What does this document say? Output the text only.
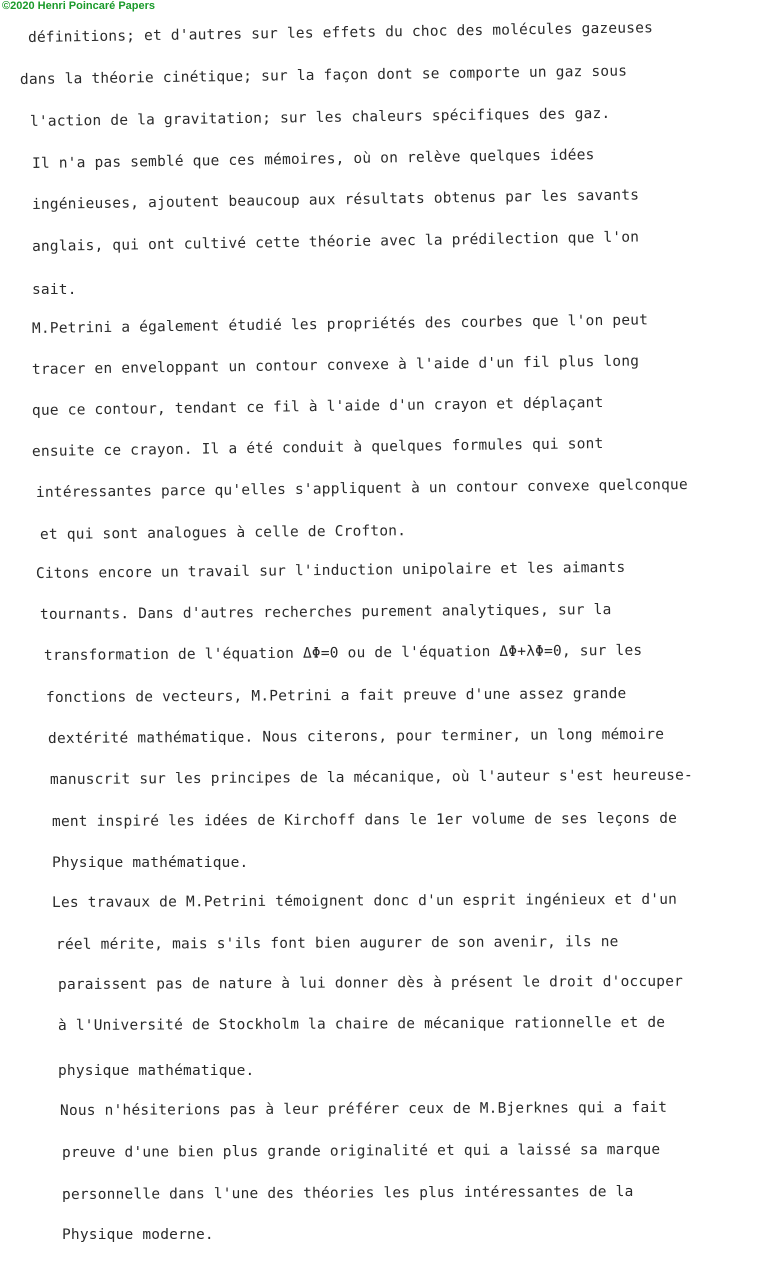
©2020 Henri Poincaré Papers
définitions; et d'autres sur les effets du choc des molécules gazeuses
dans la théorie cinétique; sur la façon dont se comporte un gaz sous
l'action de la gravitation; sur les chaleurs spécifiques des gaz.
Il n'a pas semblé que ces mémoires, où on relève quelques idées
ingénieuses, ajoutent beaucoup aux résultats obtenus par les savants
anglais, qui ont cultivé cette théorie avec la prédilection que l'on
sait.
M.Petrini a également étudié les propriétés des courbes que l'on peut
tracer en enveloppant un contour convexe à l'aide d'un fil plus long
que ce contour, tendant ce fil à l'aide d'un crayon et déplaçant
ensuite ce crayon. Il a été conduit à quelques formules qui sont
intéressantes parce qu'elles s'appliquent à un contour convexe quelconque
et qui sont analogues à celle de Crofton.
Citons encore un travail sur l'induction unipolaire et les aimants
tournants. Dans d'autres recherches purement analytiques, sur la
transformation de l'équation ΔΦ=0 ou de l'équation ΔΦ+λΦ=0, sur les
fonctions de vecteurs, M.Petrini a fait preuve d'une assez grande
dextérité mathématique. Nous citerons, pour terminer, un long mémoire
manuscrit sur les principes de la mécanique, où l'auteur s'est heureuse-
ment inspiré les idées de Kirchoff dans le 1er volume de ses leçons de
Physique mathématique.
Les travaux de M.Petrini témoignent donc d'un esprit ingénieux et d'un
réel mérite, mais s'ils font bien augurer de son avenir, ils ne
paraissent pas de nature à lui donner dès à présent le droit d'occuper
à l'Université de Stockholm la chaire de mécanique rationnelle et de
physique mathématique.
Nous n'hésiterions pas à leur préférer ceux de M.Bjerknes qui a fait
preuve d'une bien plus grande originalité et qui a laissé sa marque
personnelle dans l'une des théories les plus intéressantes de la
Physique moderne.
